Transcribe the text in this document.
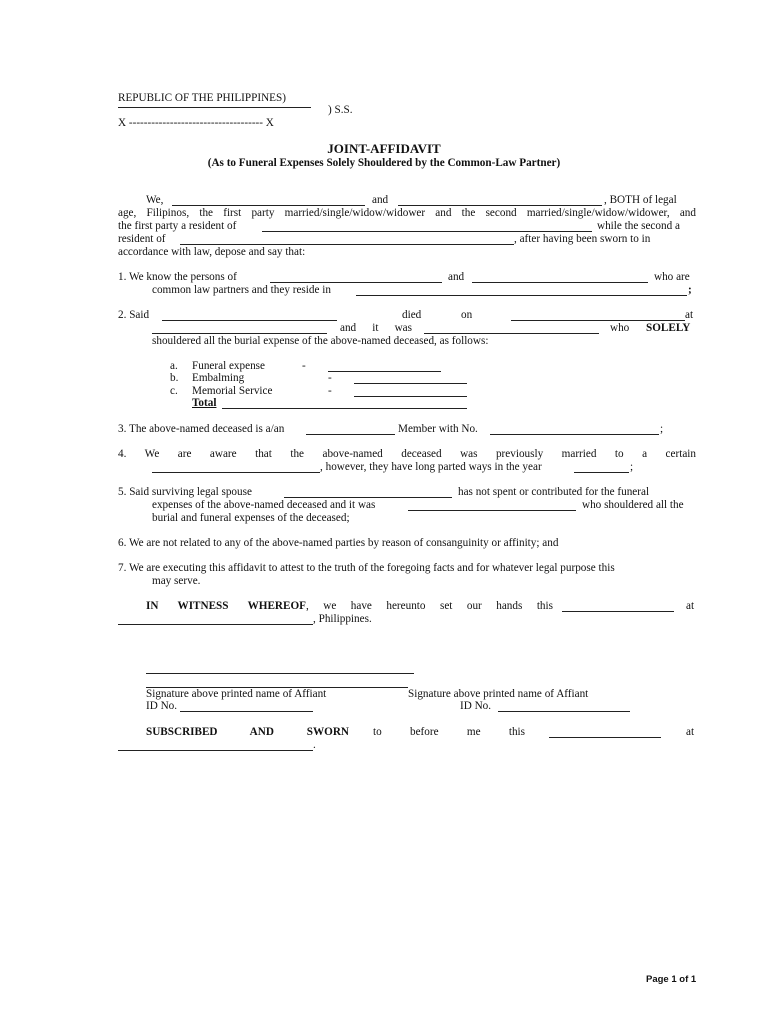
REPUBLIC OF THE PHILIPPINES)
) S.S.
X ------------------------------------ X
JOINT-AFFIDAVIT
(As to Funeral Expenses Solely Shouldered by the Common-Law Partner)
We,	and	, BOTH of legal
age, Filipinos, the first party married/single/widow/widower and the second married/single/widow/widower, and
the first party a resident of	while the second a
resident of	, after having been sworn to in
accordance with law, depose and say that:
1. We know the persons of	and	who are
common law partners and they reside in	;
2. Said	died	on	at
and it was	who SOLELY
shouldered all the burial expense of the above-named deceased, as follows:
a. Funeral expense	-
b. Embalming	-
c. Memorial Service	-
Total
3. The above-named deceased is a/an	Member with No.	;
4. We are aware that the above-named deceased was previously married to a certain
, however, they have long parted ways in the year	;
5. Said surviving legal spouse	has not spent or contributed for the funeral
expenses of the above-named deceased and it was	who shouldered all the
burial and funeral expenses of the deceased;
6. We are not related to any of the above-named parties by reason of consanguinity or affinity; and
7. We are executing this affidavit to attest to the truth of the foregoing facts and for whatever legal purpose this
may serve.
IN WITNESS WHEREOF , we have hereunto set our hands this	at
, Philippines.
Signature above printed name of Affiant	Signature above printed name of Affiant
ID No.	ID No.
SUBSCRIBED AND SWORN to before me this	at
.
Page 1 of 1
